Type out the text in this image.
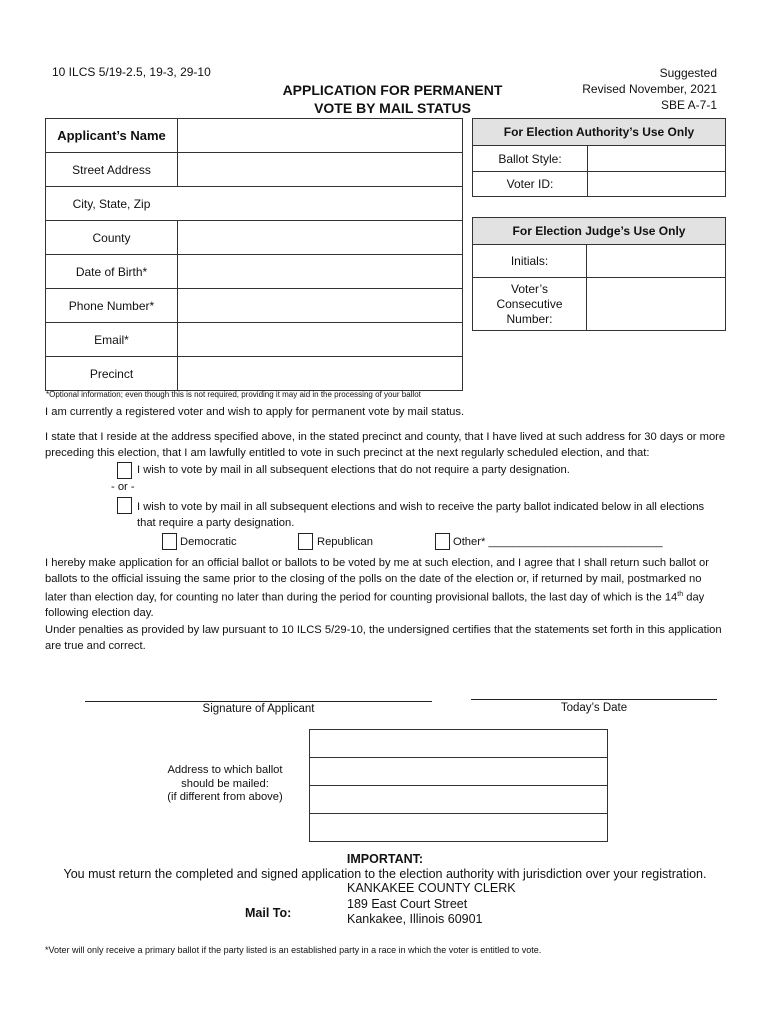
10 ILCS 5/19-2.5, 19-3, 29-10
APPLICATION FOR PERMANENT
VOTE BY MAIL STATUS
Suggested
Revised November, 2021
SBE A-7-1
Applicant’s Name
Street Address
City, State, Zip
County
Date of Birth*
Phone Number*
Email*
Precinct
*Optional information; even though this is not required, providing it may aid in the processing of your ballot
For Election Authority’s Use Only
Ballot Style:
Voter ID:
For Election Judge’s Use Only
Initials:
Voter’s
Consecutive
Number:
I am currently a registered voter and wish to apply for permanent vote by mail status.
I state that I reside at the address specified above, in the stated precinct and county, that I have lived at such address for 30 days or more
preceding this election, that I am lawfully entitled to vote in such precinct at the next regularly scheduled election, and that:
I wish to vote by mail in all subsequent elections that do not require a party designation.
- or -
I wish to vote by mail in all subsequent elections and wish to receive the party ballot indicated below in all elections
that require a party designation.
Democratic	Republican	Other* ____________________________
I hereby make application for an official ballot or ballots to be voted by me at such election, and I agree that I shall return such ballot or
ballots to the official issuing the same prior to the closing of the polls on the date of the election or, if returned by mail, postmarked no
later than election day, for counting no later than during the period for counting provisional ballots, the last day of which is the 14th day
following election day.
Under penalties as provided by law pursuant to 10 ILCS 5/29-10, the undersigned certifies that the statements set forth in this application
are true and correct.
Signature of Applicant	Today’s Date
Address to which ballot
should be mailed:
(if different from above)
IMPORTANT:
You must return the completed and signed application to the election authority with jurisdiction over your registration.
Mail To:
KANKAKEE COUNTY CLERK
189 East Court Street
Kankakee, Illinois 60901
*Voter will only receive a primary ballot if the party listed is an established party in a race in which the voter is entitled to vote.
